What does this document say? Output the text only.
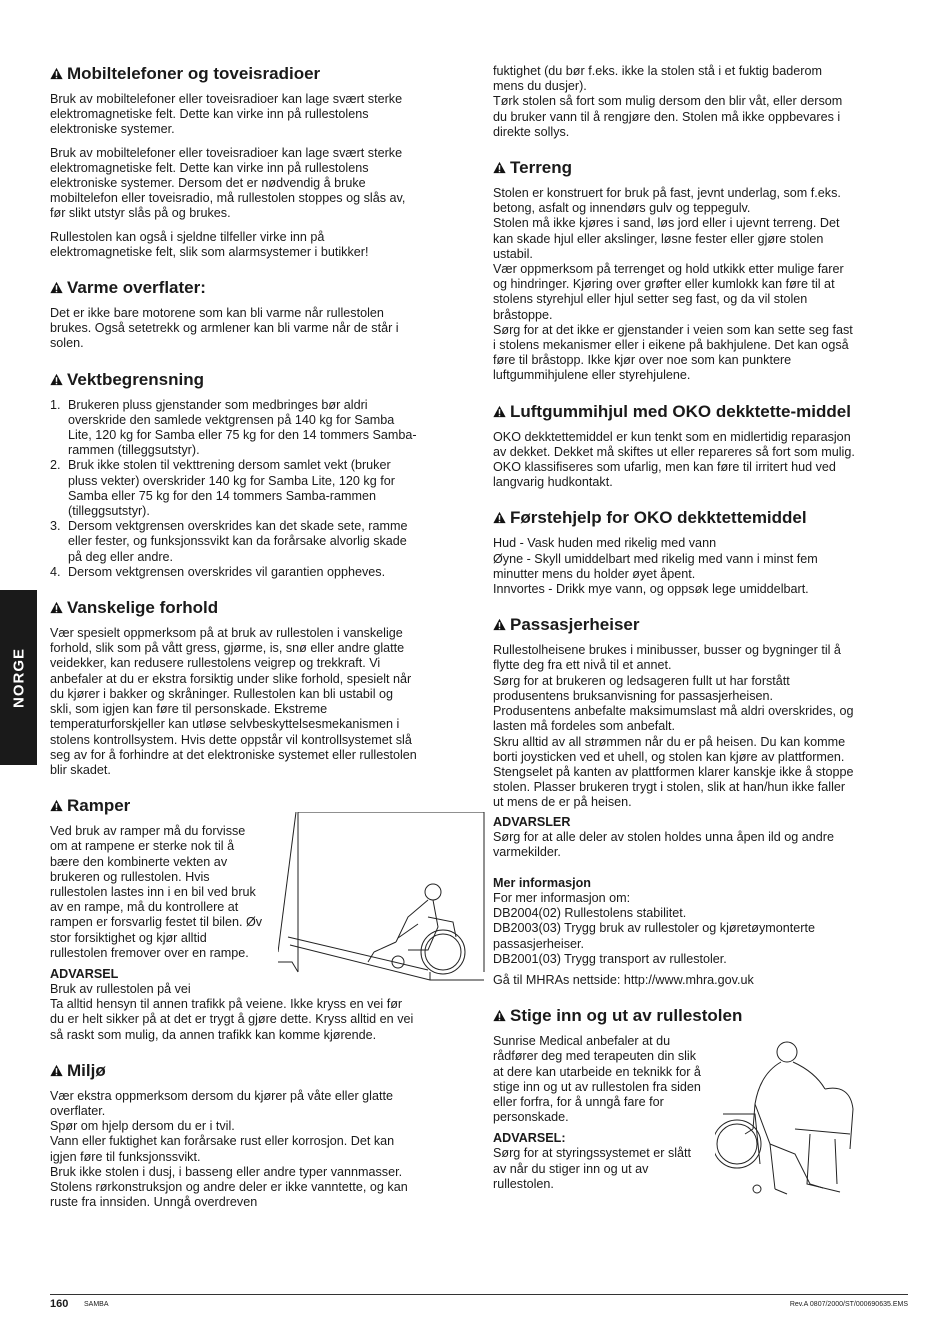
NORGE
Mobiltelefoner og toveisradioer

Bruk av mobiltelefoner eller toveisradioer kan lage svært sterke elektromagnetiske felt. Dette kan virke inn på rullestolens elektroniske systemer.

Bruk av mobiltelefoner eller toveisradioer kan lage svært sterke elektromagnetiske felt. Dette kan virke inn på rullestolens elektroniske systemer. Dersom det er nødvendig å bruke mobiltelefon eller toveisradio, må rullestolen stoppes og slås av, før slikt utstyr slås på og brukes.

Rullestolen kan også i sjeldne tilfeller virke inn på elektromagnetiske felt, slik som alarmsystemer i butikker!

Varme overflater:

Det er ikke bare motorene som kan bli varme når rullestolen brukes. Også setetrekk og armlener kan bli varme når de står i solen.

Vektbegrensning
1. Brukeren pluss gjenstander som medbringes bør aldri overskride den samlede vektgrensen på 140 kg for Samba Lite, 120 kg for Samba eller 75 kg for den 14 tommers Samba-rammen (tilleggsutstyr).
2. Bruk ikke stolen til vekttrening dersom samlet vekt (bruker pluss vekter) overskrider 140 kg for Samba Lite, 120 kg for Samba eller 75 kg for den 14 tommers Samba-rammen (tilleggsutstyr).
3. Dersom vektgrensen overskrides kan det skade sete, ramme eller fester, og funksjonssvikt kan da forårsake alvorlig skade på deg eller andre.
4. Dersom vektgrensen overskrides vil garantien oppheves.
Vanskelige forhold

Vær spesielt oppmerksom på at bruk av rullestolen i vanskelige forhold, slik som på vått gress, gjørme, is, snø eller andre glatte veidekker, kan redusere rullestolens veigrep og trekkraft. Vi anbefaler at du er ekstra forsiktig under slike forhold, spesielt når du kjører i bakker og skråninger. Rullestolen kan bli ustabil og skli, som igjen kan føre til personskade. Ekstreme temperaturforskjeller kan utløse selvbeskyttelsesmekanismen i stolens kontrollsystem. Hvis dette oppstår vil kontrollsystemet slå seg av for å forhindre at det elektroniske systemet eller rullestolen blir skadet.

Ramper

Ved bruk av ramper må du forvisse om at rampene er sterke nok til å bære den kombinerte vekten av brukeren og rullestolen. Hvis rullestolen lastes inn i en bil ved bruk av en rampe, må du kontrollere at rampen er forsvarlig festet til bilen. Øv stor forsiktighet og kjør alltid rullestolen fremover over en rampe.

ADVARSEL

Bruk av rullestolen på vei

Ta alltid hensyn til annen trafikk på veiene. Ikke kryss en vei før du er helt sikker på at det er trygt å gjøre dette. Kryss alltid en vei så raskt som mulig, da annen trafikk kan komme kjørende.

Miljø

Vær ekstra oppmerksom dersom du kjører på våte eller glatte overflater.

Spør om hjelp dersom du er i tvil.

Vann eller fuktighet kan forårsake rust eller korrosjon. Det kan igjen føre til funksjonssvikt.

Bruk ikke stolen i dusj, i basseng eller andre typer vannmasser. Stolens rørkonstruksjon og andre deler er ikke vanntette, og kan ruste fra innsiden. Unngå overdreven

fuktighet (du bør f.eks. ikke la stolen stå i et fuktig baderom mens du dusjer).

Tørk stolen så fort som mulig dersom den blir våt, eller dersom du bruker vann til å rengjøre den. Stolen må ikke oppbevares i direkte sollys.

Terreng

Stolen er konstruert for bruk på fast, jevnt underlag, som f.eks. betong, asfalt og innendørs gulv og teppegulv.

Stolen må ikke kjøres i sand, løs jord eller i ujevnt terreng. Det kan skade hjul eller akslinger, løsne fester eller gjøre stolen ustabil.

Vær oppmerksom på terrenget og hold utkikk etter mulige farer og hindringer. Kjøring over grøfter eller kumlokk kan føre til at stolens styrehjul eller hjul setter seg fast, og da vil stolen bråstoppe.

Sørg for at det ikke er gjenstander i veien som kan sette seg fast i stolens mekanismer eller i eikene på bakhjulene. Det kan også føre til bråstopp. Ikke kjør over noe som kan punktere luftgummihjulene eller styrehjulene.

Luftgummihjul med OKO dekktette-middel

OKO dekktettemiddel er kun tenkt som en midlertidig reparasjon av dekket. Dekket må skiftes ut eller repareres så fort som mulig.

OKO klassifiseres som ufarlig, men kan føre til irritert hud ved langvarig hudkontakt.

Førstehjelp for OKO dekktettemiddel

Hud - Vask huden med rikelig med vann

Øyne - Skyll umiddelbart med rikelig med vann i minst fem minutter mens du holder øyet åpent.

Innvortes - Drikk mye vann, og oppsøk lege umiddelbart.

Passasjerheiser

Rullestolheisene brukes i minibusser, busser og bygninger til å flytte deg fra ett nivå til et annet.

Sørg for at brukeren og ledsageren fullt ut har forstått produsentens bruksanvisning for passasjerheisen.

Produsentens anbefalte maksimumslast må aldri overskrides, og lasten må fordeles som anbefalt.

Skru alltid av all strømmen når du er på heisen. Du kan komme borti joysticken ved et uhell, og stolen kan kjøre av plattformen. Stengselet på kanten av plattformen klarer kanskje ikke å stoppe stolen. Plasser brukeren trygt i stolen, slik at han/hun ikke faller ut mens de er på heisen.

ADVARSLER

Sørg for at alle deler av stolen holdes unna åpen ild og andre varmekilder.

Mer informasjon

For mer informasjon om:

DB2004(02) Rullestolens stabilitet.

DB2003(03) Trygg bruk av rullestoler og kjøretøymonterte passasjerheiser.

DB2001(03) Trygg transport av rullestoler.

Gå til MHRAs nettside: http://www.mhra.gov.uk

Stige inn og ut av rullestolen

Sunrise Medical anbefaler at du rådfører deg med terapeuten din slik at dere kan utarbeide en teknikk for å stige inn og ut av rullestolen fra siden eller forfra, for å unngå fare for personskade.

ADVARSEL:

Sørg for at styringssystemet er slått av når du stiger inn og ut av rullestolen.

160 SAMBA	Rev.A 0807/2000/ST/000690635.EMS
